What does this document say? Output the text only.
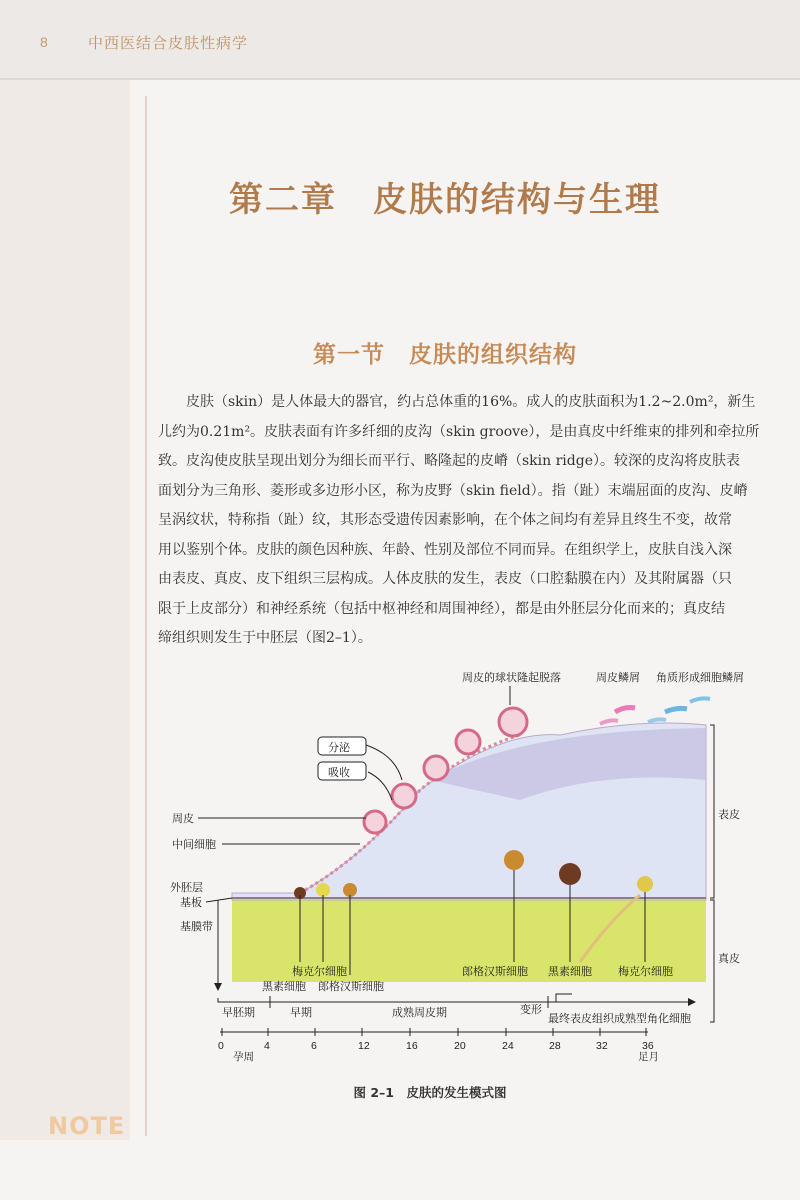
8	中西医结合皮肤性病学
第二章　皮肤的结构与生理
第一节　皮肤的组织结构
皮肤（skin）是人体最大的器官，约占总体重的16%。成人的皮肤面积为1.2~2.0m²，新生
儿约为0.21m²。皮肤表面有许多纤细的皮沟（skin groove），是由真皮中纤维束的排列和牵拉所
致。皮沟使皮肤呈现出划分为细长而平行、略隆起的皮嵴（skin ridge）。较深的皮沟将皮肤表
面划分为三角形、菱形或多边形小区，称为皮野（skin field）。指（趾）末端屈面的皮沟、皮嵴
呈涡纹状，特称指（趾）纹，其形态受遗传因素影响，在个体之间均有差异且终生不变，故常
用以鉴别个体。皮肤的颜色因种族、年龄、性别及部位不同而异。在组织学上，皮肤自浅入深
由表皮、真皮、皮下组织三层构成。人体皮肤的发生，表皮（口腔黏膜在内）及其附属器（只
限于上皮部分）和神经系统（包括中枢神经和周围神经），都是由外胚层分化而来的；真皮结
缔组织则发生于中胚层（图2–1）。
表皮
真皮
周皮的球状隆起脱落	周皮鳞屑 角质形成细胞鳞屑
分泌
吸收
周皮
中间细胞
外胚层
基板
基膜带
梅克尔细胞
黑素细胞 郎格汉斯细胞
郎格汉斯细胞 黑素细胞 梅克尔细胞
早胚期	早期	成熟周皮期	变形
最终表皮组织成熟型角化细胞
0	4	6	12	16	20	24	28	32	36
孕周	足月
图 2–1　皮肤的发生模式图
NOTE
